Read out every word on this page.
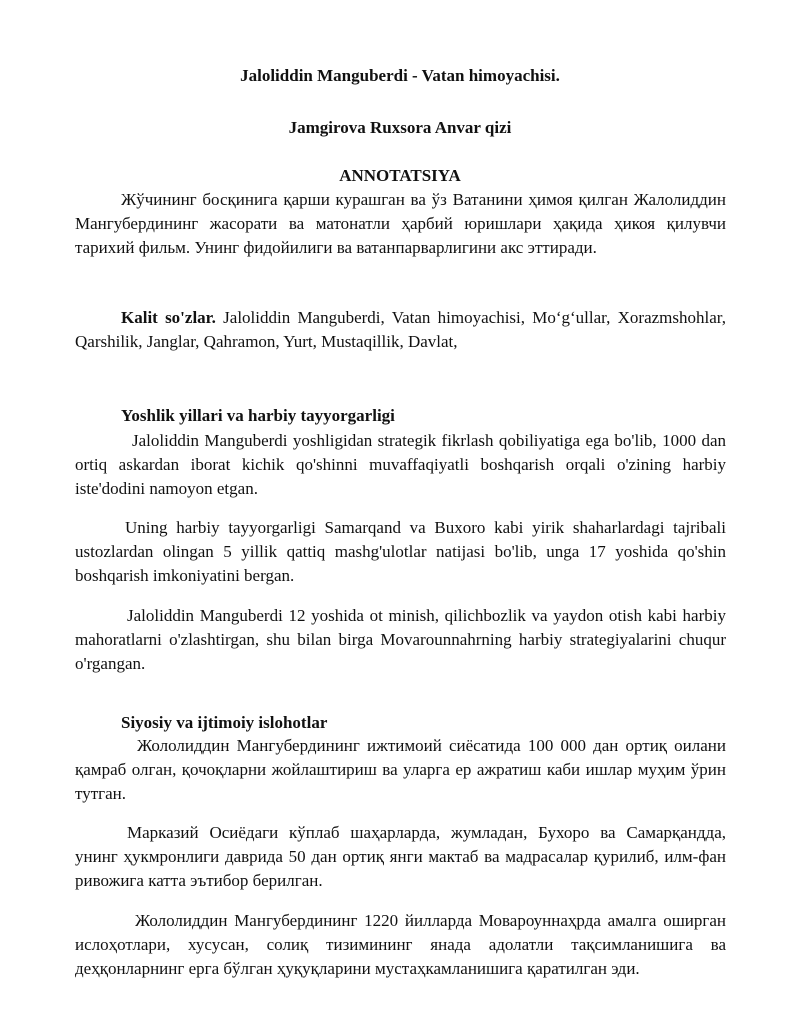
Jaloliddin Manguberdi - Vatan himoyachisi.
Jamgirova Ruxsora Anvar qizi
ANNOTATSIYA
Жўчининг босқинига қарши курашган ва ўз Ватанини ҳимоя қилган Жалолиддин Мангубердининг жасорати ва матонатли ҳарбий юришлари ҳақида ҳикоя қилувчи тарихий фильм. Унинг фидойилиги ва ватанпарварлигини акс эттиради.
Kalit so'zlar. Jaloliddin Manguberdi, Vatan himoyachisi, Mo‘g‘ullar, Xorazmshohlar, Qarshilik, Janglar, Qahramon, Yurt, Mustaqillik, Davlat,
Yoshlik yillari va harbiy tayyorgarligi
Jaloliddin Manguberdi yoshligidan strategik fikrlash qobiliyatiga ega bo'lib, 1000 dan ortiq askardan iborat kichik qo'shinni muvaffaqiyatli boshqarish orqali o'zining harbiy iste'dodini namoyon etgan.
Uning harbiy tayyorgarligi Samarqand va Buxoro kabi yirik shaharlardagi tajribali ustozlardan olingan 5 yillik qattiq mashg'ulotlar natijasi bo'lib, unga 17 yoshida qo'shin boshqarish imkoniyatini bergan.
Jaloliddin Manguberdi 12 yoshida ot minish, qilichbozlik va yaydon otish kabi harbiy mahoratlarni o'zlashtirgan, shu bilan birga Movarounnahrning harbiy strategiyalarini chuqur o'rgangan.
Siyosiy va ijtimoiy islohotlar
Жололиддин Мангубердининг ижтимоий сиёсатида 100 000 дан ортиқ оилани қамраб олган, қочоқларни жойлаштириш ва уларга ер ажратиш каби ишлар муҳим ўрин тутган.
Марказий Осиёдаги кўплаб шаҳарларда, жумладан, Бухоро ва Самарқандда, унинг ҳукмронлиги даврида 50 дан ортиқ янги мактаб ва мадрасалар қурилиб, илм-фан ривожига катта эътибор берилган.
Жололиддин Мангубердининг 1220 йилларда Мовароуннаҳрда амалга оширган ислоҳотлари, хусусан, солиқ тизимининг янада адолатли тақсимланишига ва деҳқонларнинг ерга бўлган ҳуқуқларини мустаҳкамланишига қаратилган эди.
